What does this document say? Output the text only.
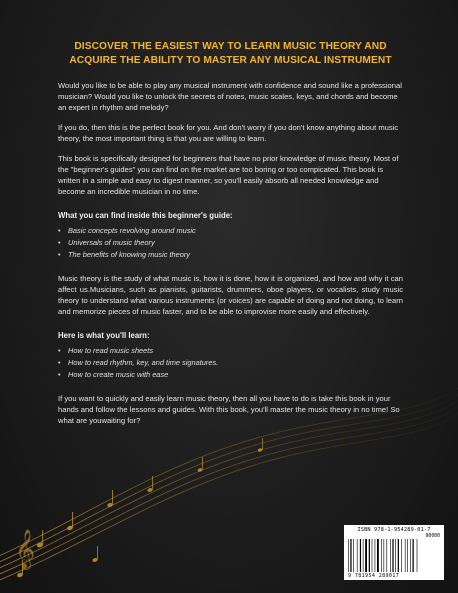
𝄞
DISCOVER THE EASIEST WAY TO LEARN MUSIC THEORY AND ACQUIRE THE ABILITY TO MASTER ANY MUSICAL INSTRUMENT

Would you like to be able to play any musical instrument with confidence and sound like a professional musician? Would you like to unlock the secrets of notes, music scales, keys, and chords and become an expert in rhythm and melody?

If you do, then this is the perfect book for you. And don't worry if you don't know anything about music theory, the most important thing is that you are willing to learn.

This book is specifically designed for beginners that have no prior knowledge of music theory. Most of the "beginner's guides" you can find on the market are too boring or too compicated. This book is written in a simple and easy to digest manner, so you'll easily absorb all needed knowledge and become an incredible musician in no time.

What you can find inside this beginner's guide:
• Basic concepts revolving around music
• Universals of music theory
• The benefits of knowing music theory

Music theory is the study of what music is, how it is done, how it is organized, and how and why it can affect us.Musicians, such as pianists, guitarists, drummers, oboe players, or vocalists, study music theory to understand what various instruments (or voices) are capable of doing and not doing, to learn and memorize pieces of music faster, and to be able to improvise more easily and effectively.

Here is what you'll learn:
• How to read music sheets
• How to read rhythm, key, and time signatures.
• How to create music with ease

If you want to quickly and easily learn music theory, then all you have to do is take this book in your hands and follow the lessons and guides. With this book, you'll master the music theory in no time! So what are youwaiting for?

ISBN 978-1-954289-01-7
90000
9 781954 289017
